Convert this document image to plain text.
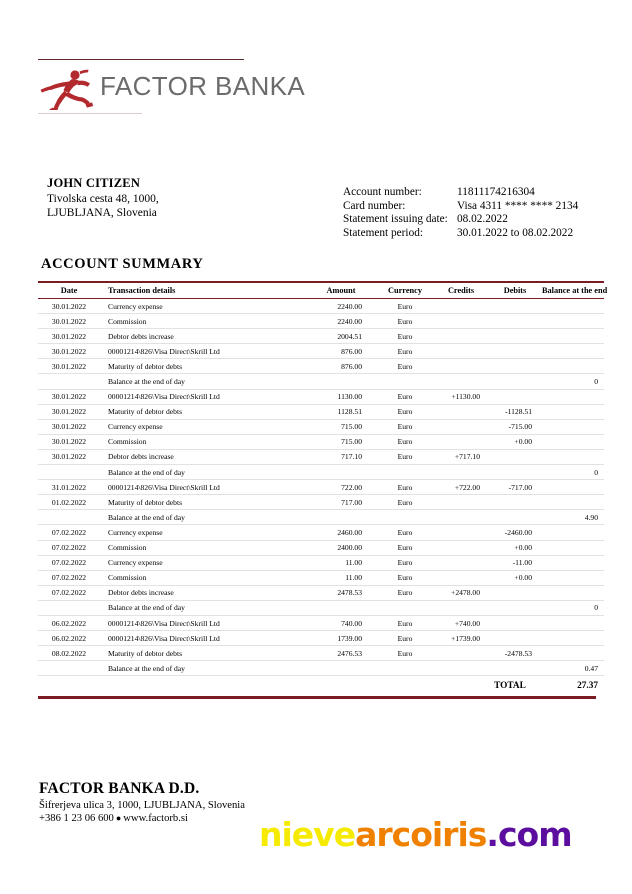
FACTOR BANKA
JOHN CITIZEN
Tivolska cesta 48, 1000,
LJUBLJANA, Slovenia
Account number:	11811174216304
Card number:	Visa 4311 **** **** 2134
Statement issuing date: 08.02.2022
Statement period:	30.01.2022 to 08.02.2022
ACCOUNT SUMMARY
Date	Transaction details	Amount	Currency	Credits	Debits	Balance at the end
30.01.2022	Currency expense	2240.00	Euro			
30.01.2022	Commission	2240.00	Euro			
30.01.2022	Debtor debts increase	2004.51	Euro			
30.01.2022	00001214\826\Visa Direct\Skrill Ltd	876.00	Euro			
30.01.2022	Maturity of debtor debts	876.00	Euro			
	Balance at the end of day					0
30.01.2022	00001214\826\Visa Direct\Skrill Ltd	1130.00	Euro	+1130.00		
30.01.2022	Maturity of debtor debts	1128.51	Euro		-1128.51	
30.01.2022	Currency expense	715.00	Euro		-715.00	
30.01.2022	Commission	715.00	Euro		+0.00	
30.01.2022	Debtor debts increase	717.10	Euro	+717.10		
	Balance at the end of day					0
31.01.2022	00001214\826\Visa Direct\Skrill Ltd	722.00	Euro	+722.00	-717.00	
01.02.2022	Maturity of debtor debts	717.00	Euro			
	Balance at the end of day					4.90
07.02.2022	Currency expense	2460.00	Euro		-2460.00	
07.02.2022	Commission	2400.00	Euro		+0.00	
07.02.2022	Currency expense	11.00	Euro		-11.00	
07.02.2022	Commission	11.00	Euro		+0.00	
07.02.2022	Debtor debts increase	2478.53	Euro	+2478.00		
	Balance at the end of day					0
06.02.2022	00001214\826\Visa Direct\Skrill Ltd	740.00	Euro	+740.00		
06.02.2022	00001214\826\Visa Direct\Skrill Ltd	1739.00	Euro	+1739.00		
08.02.2022	Maturity of debtor debts	2476.53	Euro		-2478.53	
	Balance at the end of day					0.47
					TOTAL	27.37
FACTOR BANKA D.D.
Šifrerjeva ulica 3, 1000, LJUBLJANA, Slovenia
+386 1 23 06 600 ● www.factorb.si	nievearcoiris.com
